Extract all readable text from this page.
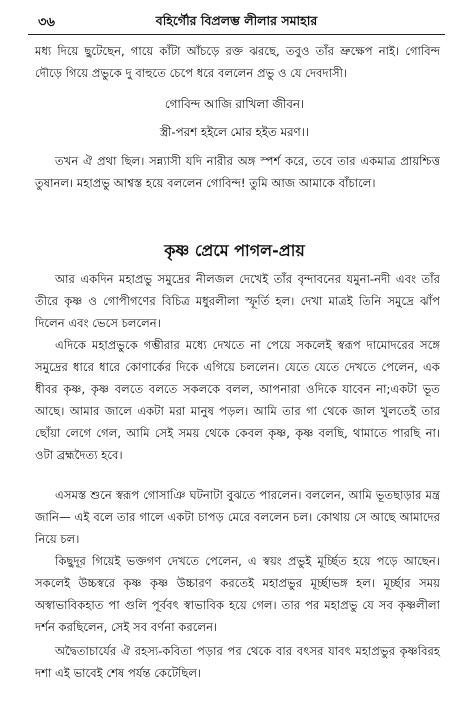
৩৬	বহির্গৌর বিপ্রলম্ভ লীলার সমাহার

মধ্য দিয়ে ছুটেছেন, গায়ে কাঁটা আঁচড়ে রক্ত ঝরছে, তবুও তাঁর ভ্রুক্ষেপ নাই। গোবিন্দ দৌড়ে গিয়ে প্রভুকে দু বাহুতে চেপে ধরে বললেন প্রভু ও যে দেবদাসী।

গোবিন্দ আজি রাখিলা জীবন।
স্ত্রী-পরশ হইলে মোর হইত মরণ।।

তখন ঐ প্রথা ছিল। সন্ন্যাসী যদি নারীর অঙ্গ স্পর্শ করে, তবে তার একমাত্র প্রায়শ্চিত্ত তুষানল। মহাপ্রভু আশ্বস্ত হয়ে বললেন গোবিন্দ! তুমি আজ আমাকে বাঁচালে।

কৃষ্ণ প্রেমে পাগল-প্রায়

আর একদিন মহাপ্রভু সমুদ্রের নীলজল দেখেই তাঁর বৃন্দাবনের যমুনা-নদী এবং তাঁর তীরে কৃষ্ণ ও গোপীগণের বিচিত্র মধুরলীলা স্ফূর্তি হল। দেখা মাত্রই তিনি সমুদ্রে ঝাঁপ দিলেন এবং ভেসে চললেন।

এদিকে মহাপ্রভুকে গম্ভীরার মধ্যে দেখতে না পেয়ে সকলেই স্বরূপ দামোদরের সঙ্গে সমুদ্রের ধারে ধারে কোণার্কের দিকে এগিয়ে চললেন। যেতে যেতে দেখতে পেলেন, এক ধীবর কৃষ্ণ, কৃষ্ণ বলতে বলতে সকলকে বলল, আপনারা ওদিকে যাবেন না;একটা ভূত আছে। আমার জালে একটা মরা মানুষ পড়ল। আমি তার গা থেকে জাল খুলতেই তার ছোঁয়া লেগে গেল, আমি সেই সময় থেকে কেবল কৃষ্ণ, কৃষ্ণ বলছি, থামাতে পারছি না। ওটা ব্রহ্মদৈত্য হবে।

এসমস্ত শুনে স্বরূপ গোসাঞি ঘটনাটা বুঝতে পারলেন। বললেন, আমি ভূতছাড়ার মন্ত্র জানি— এই বলে তার গালে একটা চাপড় মেরে বললেন চল। কোথায় সে আছে আমাদের নিয়ে চল।

কিছুদূর গিয়েই ভক্তগণ দেখতে পেলেন, এ স্বয়ং প্রভুই মূর্চ্ছিত হয়ে পড়ে আছেন। সকলেই উচ্চস্বরে কৃষ্ণ কৃষ্ণ উচ্চারণ করতেই মহাপ্রভুর মূর্চ্ছাভঙ্গ হল। মূর্চ্ছার সময় অস্বাভাবিকহাত পা গুলি পূর্ববৎ স্বাভাবিক হয়ে গেল। তার পর মহাপ্রভু যে সব কৃষ্ণলীলা দর্শন করছিলেন, সেই সব বর্ণনা করলেন।

অদ্বৈতাচার্যের ঐ রহস্য-কবিতা পড়ার পর থেকে বার বৎসর যাবৎ মহাপ্রভুর কৃষ্ণবিরহ দশা এই ভাবেই শেষ পর্যন্ত কেটেছিল।
